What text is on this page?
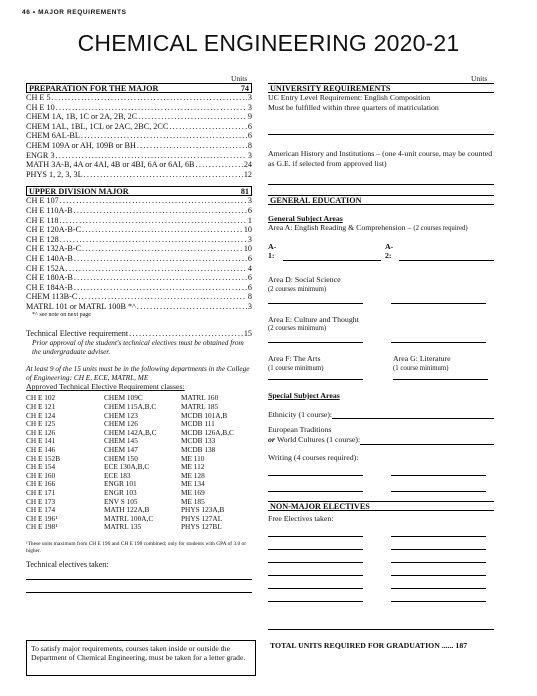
46 • MAJOR REQUIREMENTS
CHEMICAL ENGINEERING 2020-21
Units	Units
PREPARATION FOR THE MAJOR	74
CH E 5 . . .	3
CH E 10 . . .	3
CHEM 1A, 1B, 1C or 2A, 2B, 2C . . .	9
CHEM 1AL, 1BL, 1CL or 2AC, 2BC, 2CC . . .	6
CHEM 6AL-BL . . .	6
CHEM 109A or AH, 109B or BH . . .	8
ENGR 3 . . .	3
MATH 3A-B, 4A or 4AI, 4B or 4BI, 6A or 6AI, 6B . . .	24
PHYS 1, 2, 3, 3L . . .	12
UPPER DIVISION MAJOR	81
CH E 107 . . .	3
CH E 110A-B . . .	6
CH E 118 . . .	1
CH E 120A-B-C . . .	10
CH E 128 . . .	3
CH E 132A-B-C . . .	10
CH E 140A-B . . .	6
CH E 152A . . .	4
CH E 180A-B . . .	6
CH E 184A-B . . .	6
CHEM 113B-C . . .	8
MATRL 101 or MATRL 100B *^ . . .	3
*^ see note on next page
Technical Elective requirement . . .	15
Prior approval of the student's technical electives must be obtained from the undergraduate adviser.
At least 9 of the 15 units must be in the following departments in the College of Engineering: CH E, ECE, MATRL, ME
Approved Technical Elective Requirement classes:
CH E 102	CHEM 109C	MATRL 160
CH E 121	CHEM 115A,B,C	MATRL 185
CH E 124	CHEM 123	MCDB 101A,B
CH E 125	CHEM 126	MCDB 111
CH E 126	CHEM 142A,B,C	MCDB 126A,B,C
CH E 141	CHEM 145	MCDB 133
CH E 146	CHEM 147	MCDB 138
CH E 152B	CHEM 150	ME 110
CH E 154	ECE 130A,B,C	ME 112
CH E 160	ECE 183	ME 128
CH E 166	ENGR 101	ME 134
CH E 171	ENGR 103	ME 169
CH E 173	ENV S 105	ME 185
CH E 174	MATH 122A,B	PHYS 123A,B
CH E 196¹	MATRL 100A,C	PHYS 127AL
CH E 198¹	MATRL 135	PHYS 127BL
¹These units maximum from CH E 196 and CH E 198 combined; only for students with GPA of 3.0 or higher.
Technical electives taken:
To satisfy major requirements, courses taken inside or outside the Department of Chemical Engineering, must be taken for a letter grade.
UNIVERSITY REQUIREMENTS
UC Entry Level Requirement: English Composition
Must be fulfilled within three quarters of matriculation
American History and Institutions – (one 4-unit course, may be counted as G.E. if selected from approved list)
GENERAL EDUCATION
General Subject Areas
Area A: English Reading & Comprehension – (2 courses required)
A-1:
A-2:
Area D: Social Science
(2 courses minimum)
Area E: Culture and Thought
(2 courses minimum)
Area F: The Arts
(1 course minimum)
Area G: Literature
(1 course minimum)
Special Subject Areas
Ethnicity (1 course):
European Traditions
or World Cultures (1 course):
Writing (4 courses required):
NON-MAJOR ELECTIVES
Free Electives taken:
TOTAL UNITS REQUIRED FOR GRADUATION ...... 187
